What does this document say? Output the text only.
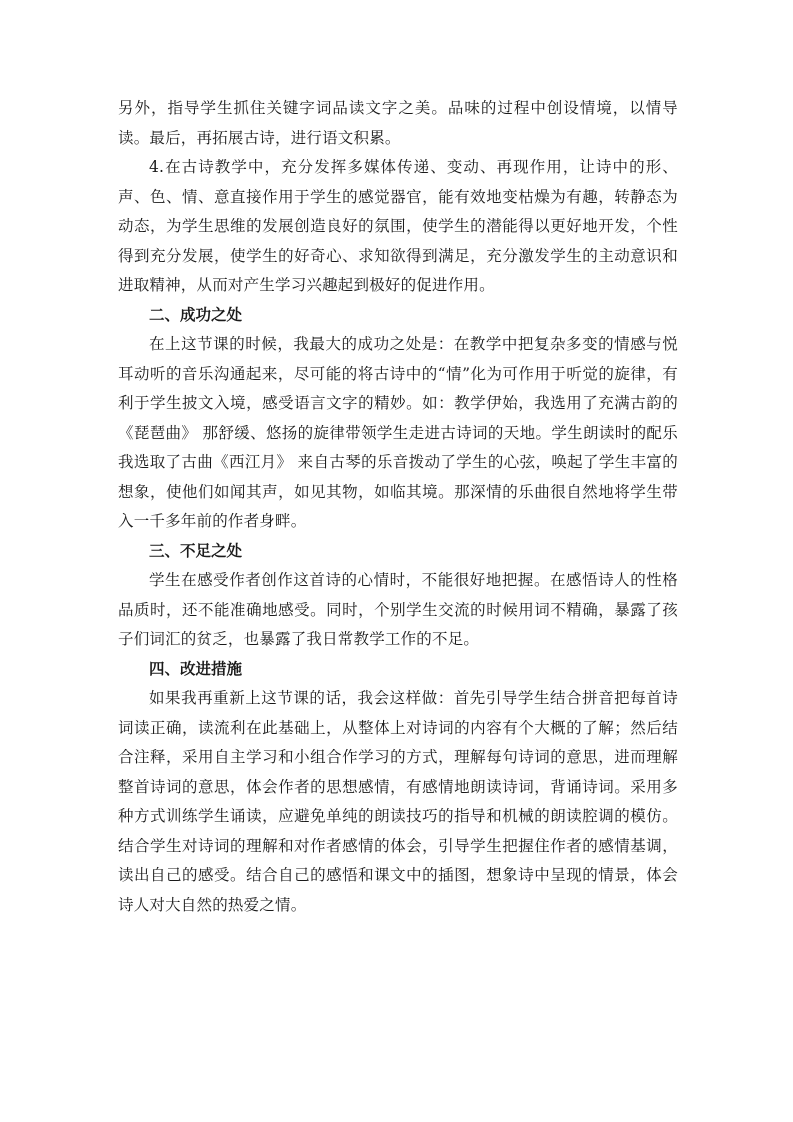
另外，指导学生抓住关键字词品读文字之美。品味的过程中创设情境，以情导读。最后，再拓展古诗，进行语文积累。

4.在古诗教学中，充分发挥多媒体传递、变动、再现作用，让诗中的形、声、色、情、意直接作用于学生的感觉器官，能有效地变枯燥为有趣，转静态为动态，为学生思维的发展创造良好的氛围，使学生的潜能得以更好地开发，个性得到充分发展，使学生的好奇心、求知欲得到满足，充分激发学生的主动意识和进取精神，从而对产生学习兴趣起到极好的促进作用。

二、成功之处

在上这节课的时候，我最大的成功之处是：在教学中把复杂多变的情感与悦耳动听的音乐沟通起来，尽可能的将古诗中的“情”化为可作用于听觉的旋律，有利于学生披文入境，感受语言文字的精妙。如：教学伊始，我选用了充满古韵的《琵琶曲》 那舒缓、悠扬的旋律带领学生走进古诗词的天地。学生朗读时的配乐我选取了古曲《西江月》 来自古琴的乐音拨动了学生的心弦，唤起了学生丰富的想象，使他们如闻其声，如见其物，如临其境。那深情的乐曲很自然地将学生带入一千多年前的作者身畔。

三、不足之处

学生在感受作者创作这首诗的心情时，不能很好地把握。在感悟诗人的性格品质时，还不能准确地感受。同时，个别学生交流的时候用词不精确，暴露了孩子们词汇的贫乏，也暴露了我日常教学工作的不足。

四、改进措施

如果我再重新上这节课的话，我会这样做：首先引导学生结合拼音把每首诗词读正确，读流利在此基础上，从整体上对诗词的内容有个大概的了解；然后结合注释，采用自主学习和小组合作学习的方式，理解每句诗词的意思，进而理解整首诗词的意思，体会作者的思想感情，有感情地朗读诗词，背诵诗词。采用多种方式训练学生诵读，应避免单纯的朗读技巧的指导和机械的朗读腔调的模仿。结合学生对诗词的理解和对作者感情的体会，引导学生把握住作者的感情基调，读出自己的感受。结合自己的感悟和课文中的插图，想象诗中呈现的情景，体会诗人对大自然的热爱之情。
